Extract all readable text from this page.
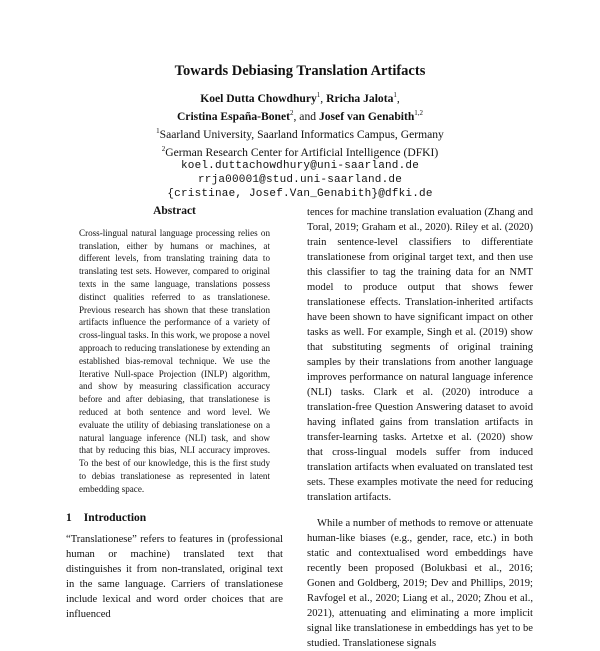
Towards Debiasing Translation Artifacts
Koel Dutta Chowdhury$^1$, Rricha Jalota$^1$,
Cristina España-Bonet$^2$, and Josef van Genabith$^{1,2}$
$^1$Saarland University, Saarland Informatics Campus, Germany
$^2$German Research Center for Artificial Intelligence (DFKI)
koel.duttachowdhury@uni-saarland.de
rrja00001@stud.uni-saarland.de
{cristinae, Josef.Van_Genabith}@dfki.de
Abstract

Cross-lingual natural language processing relies on translation, either by humans or machines, at different levels, from translating training data to translating test sets. However, compared to original texts in the same language, translations possess distinct qualities referred to as translationese. Previous research has shown that these translation artifacts influence the performance of a variety of cross-lingual tasks. In this work, we propose a novel approach to reducing translationese by extending an established bias-removal technique. We use the Iterative Null-space Projection (INLP) algorithm, and show by measuring classification accuracy before and after debiasing, that translationese is reduced at both sentence and word level. We evaluate the utility of debiasing translationese on a natural language inference (NLI) task, and show that by reducing this bias, NLI accuracy improves. To the best of our knowledge, this is the first study to debias translationese as represented in latent embedding space.

1 Introduction

“Translationese” refers to features in (professional human or machine) translated text that distinguishes it from non-translated, original text in the same language. Carriers of translationese include lexical and word order choices that are influenced

tences for machine translation evaluation (Zhang and Toral, 2019; Graham et al., 2020). Riley et al. (2020) train sentence-level classifiers to differentiate translationese from original target text, and then use this classifier to tag the training data for an NMT model to produce output that shows fewer translationese effects. Translation-inherited artifacts have been shown to have significant impact on other tasks as well. For example, Singh et al. (2019) show that substituting segments of original training samples by their translations from another language improves performance on natural language inference (NLI) tasks. Clark et al. (2020) introduce a translation-free Question Answering dataset to avoid having inflated gains from translation artifacts in transfer-learning tasks. Artetxe et al. (2020) show that cross-lingual models suffer from induced translation artifacts when evaluated on translated test sets. These examples motivate the need for reducing translation artifacts.

While a number of methods to remove or attenuate human-like biases (e.g., gender, race, etc.) in both static and contextualised word embeddings have recently been proposed (Bolukbasi et al., 2016; Gonen and Goldberg, 2019; Dev and Phillips, 2019; Ravfogel et al., 2020; Liang et al., 2020; Zhou et al., 2021), attenuating and eliminating a more implicit signal like translationese in embeddings has yet to be studied. Translationese signals
